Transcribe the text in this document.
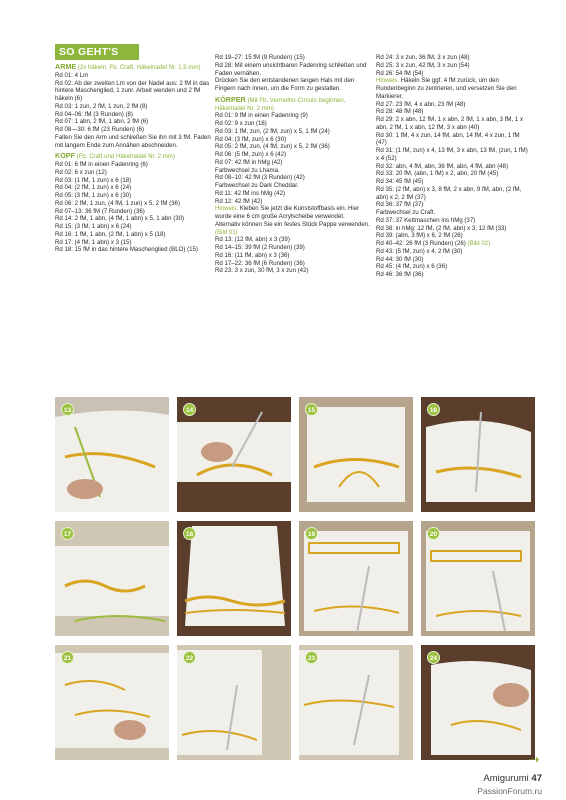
SO GEHT'S

ARME (2x häkeln, Fb. Craft, Häkelnadel Nr. 1,5 mm)

Rd 01: 4 Lm

Rd 02: Ab der zweiten Lm von der Nadel aus: 2 fM in das hintere Maschenglied, 1 zunr. Arbeit wenden und 2 fM häkeln (6)

Rd 03: 1 zun, 2 fM, 1 zun, 2 fM (8)

Rd 04–06: fM (3 Runden) (8)

Rd 07: 1 abn, 2 fM, 1 abn, 2 fM (6)

Rd 08—30: 6 fM (23 Runden) (6)

Falten Sie den Arm und schließen Sie ihn mit 3 fM. Faden mit langem Ende zum Annähen abschneiden.

KOPF (Fb. Craft und Häkelnadel Nr. 2 mm)

Rd 01: 6 fM in einen Fadenring (6)

Rd 02: 6 x zun (12)

Rd 03: (1 fM, 1 zun) x 6 (18)

Rd 04: (2 fM, 1 zun) x 6 (24)

Rd 05: (3 fM, 1 zun) x 6 (30)

Rd 06: 2 fM, 1 zun, (4 fM, 1 zun) x 5, 2 fM (36)

Rd 07–13: 36 fM (7 Runden) (36)

Rd 14: 2 fM, 1 abn, (4 fM, 1 abn) x 5, 1 abn (30)

Rd 15: (3 fM, 1 abn) x 6 (24)

Rd 16: 1 fM, 1 abn, (2 fM, 1 abn) x 5 (18)

Rd 17: (4 fM, 1 abn) x 3 (15)

Rd 18: 15 fM in das hintere Maschenglied (BLO) (15)

Rd 19–27: 15 fM (9 Runden) (15)

Rd 28: Mit einem unsichtbaren Fadenring schließen und Faden vernähen.

Drücken Sie den entstandenen langen Hals mit den Fingern nach innen, um die Form zu gestalten.

KÖRPER (Mit Fb. Vermelho-Círculo beginnen, Häkelnadel Nr. 2 mm)

Rd 01: 9 fM in einen Fadenring (9)

Rd 02: 9 x zun (18)

Rd 03: 1 fM, zun, (2 fM, zun) x 5, 1 fM (24)

Rd 04: (3 fM, zun) x 6 (30)

Rd 05: 2 fM, zun, (4 fM, zun) x 5, 2 fM (36)

Rd 06: (5 fM, zun) x 6 (42)

Rd 07: 42 fM in hMg (42)

Farbwechsel zu Lhama.

Rd 08–10: 42 fM (3 Runden) (42)

Farbwechsel zu Dark Cheddar.

Rd 11: 42 fM ins hMg (42)

Rd 12: 42 fM (42)

Hinweis: Kleben Sie jetzt die Kunststoffbasis ein. Hier wurde eine 6 cm große Acrylscheibe verwendet. Alternativ können Sie ein festes Stück Pappe verwenden. (Bild 01)

Rd 13: (12 fM, abn) x 3 (39)

Rd 14–15: 39 fM (2 Runden) (39)

Rd 16: (11 fM, abn) x 3 (36)

Rd 17–22: 36 fM (6 Runden) (36)

Rd 23: 3 x zun, 30 fM, 3 x zun (42)

Rd 24: 3 x zun, 36 fM, 3 x zun (48)

Rd 25: 3 x zun, 42 fM, 3 x zun (54)

Rd 26: 54 fM (54)

Hinweis: Häkeln Sie ggf. 4 fM zurück, um den Rundenbeginn zu zentrieren, und versetzen Sie den Markierer.

Rd 27: 23 fM, 4 x abn, 23 fM (48)

Rd 28: 48 fM (48)

Rd 29: 2 x abn, 12 fM, 1 x abn, 2 fM, 1 x abn, 3 fM, 1 x abn, 2 fM, 1 x abn, 12 fM, 3 x abn (40)

Rd 30: 1 fM, 4 x zun, 14 fM, abn, 14 fM, 4 x zun, 1 fM (47)

Rd 31: (1 fM, zun) x 4, 13 fM, 3 x abn, 13 fM, (zun, 1 fM) x 4 (52)

Rd 32: abn, 4 fM, abn, 36 fM, abn, 4 fM, abn (48)

Rd 33: 20 fM, (abn, 1 fM) x 2, abn, 20 fM (45)

Rd 34: 45 fM (45)

Rd 35: (2 fM, abn) x 3, 8 fM, 2 x abn, 9 fM, abn, (2 fM, abn) x 2, 2 fM (37)

Rd 36: 37 fM (37)

Farbwechsel zu Craft.

Rd 37: 37 Kettmaschen ins hMg (37)

Rd 38: in hMg: 12 fM, (2 fM, abn) x 3, 12 fM (33)

Rd 39: (abn, 3 fM) x 6, 2 fM (26)

Rd 40–42: 26 fM (3 Runden) (26) (Bild 02)

Rd 43: (5 fM, zun) x 4, 2 fM (30)

Rd 44: 30 fM (30)

Rd 45: (4 fM, zun) x 6 (36)

Rd 46: 36 fM (36)

13	14	15	16
17	18	19	20
21	22	23	24
➝
Amigurumi 47
PassionForum.ru
